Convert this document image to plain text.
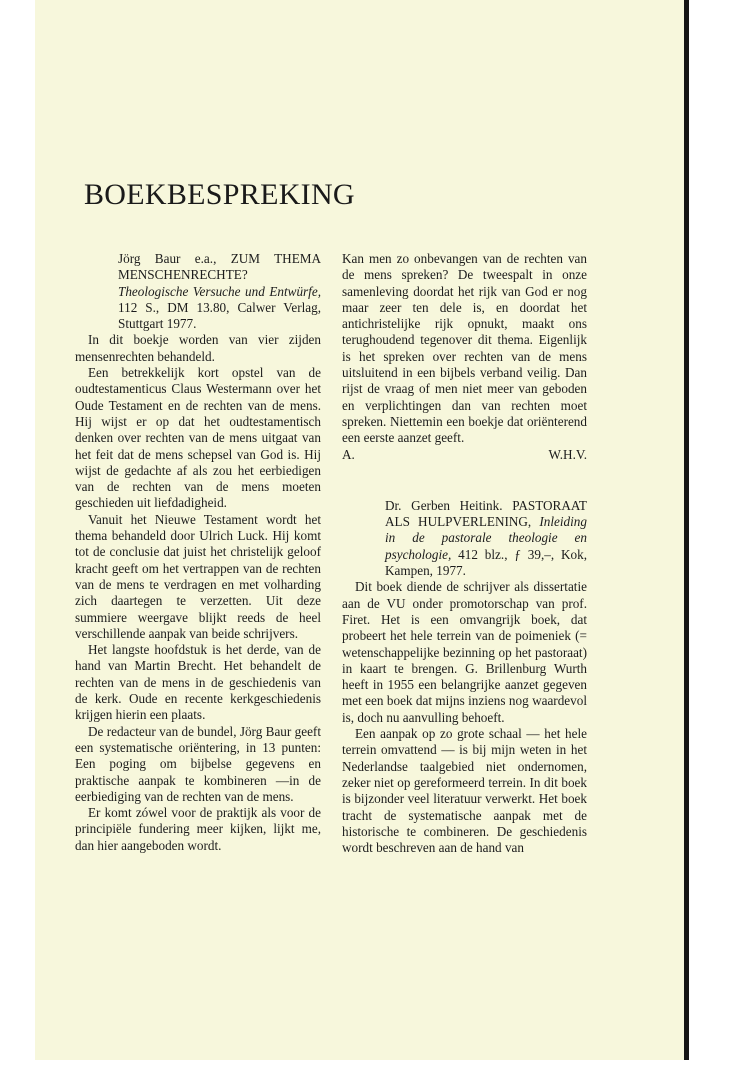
BOEKBESPREKING

Jörg Baur e.a., ZUM THEMA MENSCHENRECHTE? Theologische Versuche und Entwürfe, 112 S., DM 13.80, Calwer Verlag, Stuttgart 1977.

In dit boekje worden van vier zijden mensenrechten behandeld.

Een betrekkelijk kort opstel van de oudtestamenticus Claus Westermann over het Oude Testament en de rechten van de mens. Hij wijst er op dat het oudtestamentisch denken over rechten van de mens uitgaat van het feit dat de mens schepsel van God is. Hij wijst de gedachte af als zou het eerbiedigen van de rechten van de mens moeten geschieden uit liefdadigheid.

Vanuit het Nieuwe Testament wordt het thema behandeld door Ulrich Luck. Hij komt tot de conclusie dat juist het christelijk geloof kracht geeft om het vertrappen van de rechten van de mens te verdragen en met volharding zich daartegen te verzetten. Uit deze summiere weergave blijkt reeds de heel verschillende aanpak van beide schrijvers.

Het langste hoofdstuk is het derde, van de hand van Martin Brecht. Het behandelt de rechten van de mens in de geschiedenis van de kerk. Oude en recente kerkgeschiedenis krijgen hierin een plaats.

De redacteur van de bundel, Jörg Baur geeft een systematische oriëntering, in 13 punten: Een poging om bijbelse gegevens en praktische aanpak te kombineren —in de eerbiediging van de rechten van de mens.

Er komt zówel voor de praktijk als voor de principiële fundering meer kijken, lijkt me, dan hier aangeboden wordt.

Kan men zo onbevangen van de rechten van de mens spreken? De tweespalt in onze samenleving doordat het rijk van God er nog maar zeer ten dele is, en doordat het antichristelijke rijk opnukt, maakt ons terughoudend tegenover dit thema. Eigenlijk is het spreken over rechten van de mens uitsluitend in een bijbels verband veilig. Dan rijst de vraag of men niet meer van geboden en verplichtingen dan van rechten moet spreken. Niettemin een boekje dat oriënterend een eerste aanzet geeft.

A.	W.H.V.

Dr. Gerben Heitink. PASTORAAT ALS HULPVERLENING, Inleiding in de pastorale theologie en psychologie, 412 blz., ƒ 39,–, Kok, Kampen, 1977.

Dit boek diende de schrijver als dissertatie aan de VU onder promotorschap van prof. Firet. Het is een omvangrijk boek, dat probeert het hele terrein van de poimeniek (= wetenschappelijke bezinning op het pastoraat) in kaart te brengen. G. Brillenburg Wurth heeft in 1955 een belangrijke aanzet gegeven met een boek dat mijns inziens nog waardevol is, doch nu aanvulling behoeft.

Een aanpak op zo grote schaal — het hele terrein omvattend — is bij mijn weten in het Nederlandse taalgebied niet ondernomen, zeker niet op gereformeerd terrein. In dit boek is bijzonder veel literatuur verwerkt. Het boek tracht de systematische aanpak met de historische te combineren. De geschiedenis wordt beschreven aan de hand van
